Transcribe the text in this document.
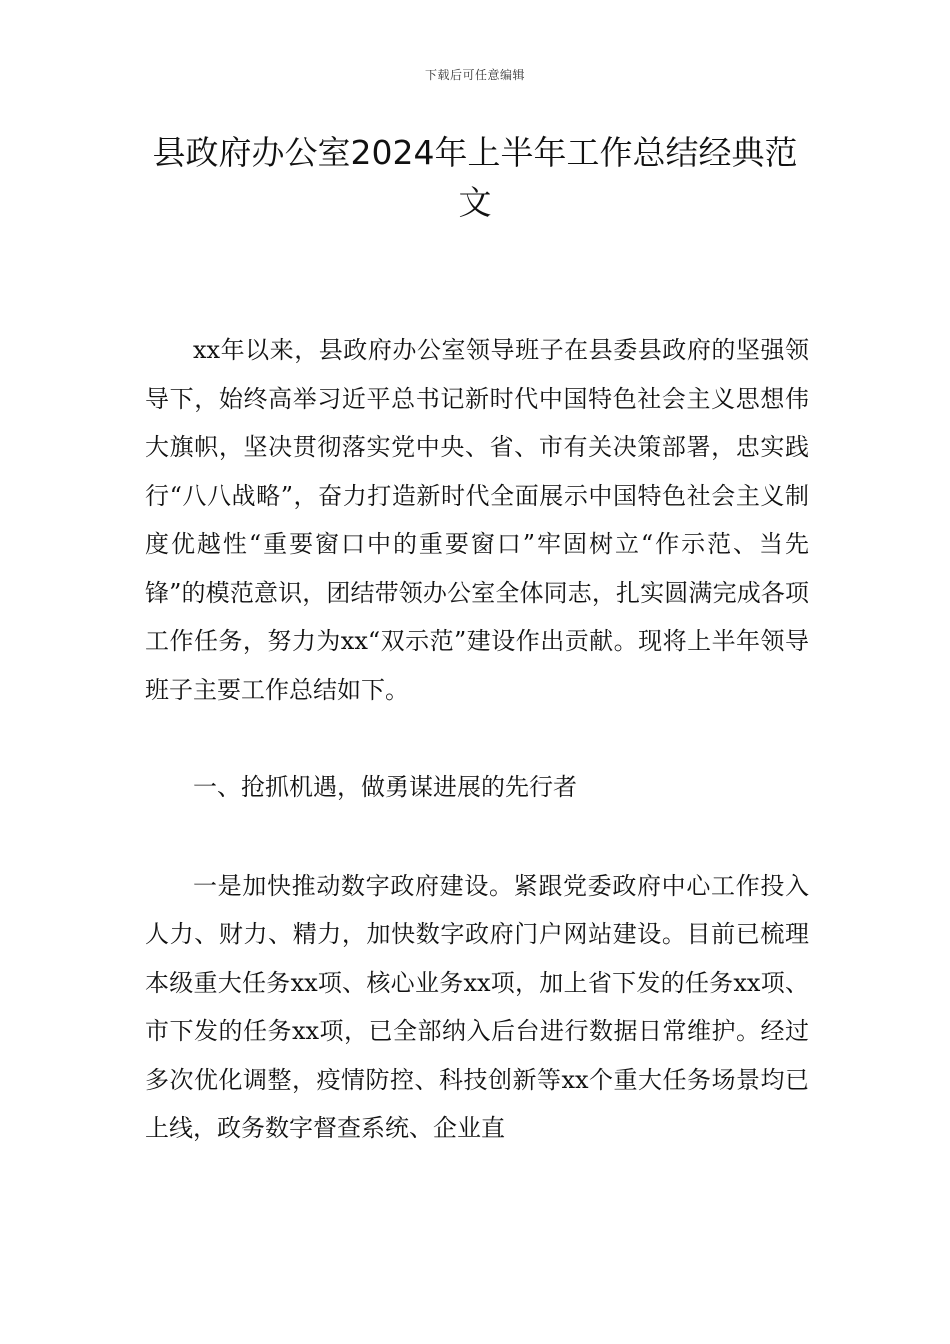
下载后可任意编辑
县政府办公室2024年上半年工作总结经典范文

xx年以来，县政府办公室领导班子在县委县政府的坚强领导下，始终高举习近平总书记新时代中国特色社会主义思想伟大旗帜，坚决贯彻落实党中央、省、市有关决策部署，忠实践行“八八战略”，奋力打造新时代全面展示中国特色社会主义制度优越性“重要窗口中的重要窗口”牢固树立“作示范、当先锋”的模范意识，团结带领办公室全体同志，扎实圆满完成各项工作任务，努力为xx“双示范”建设作出贡献。现将上半年领导班子主要工作总结如下。

一、抢抓机遇，做勇谋进展的先行者

一是加快推动数字政府建设。紧跟党委政府中心工作投入人力、财力、精力，加快数字政府门户网站建设。目前已梳理本级重大任务xx项、核心业务xx项，加上省下发的任务xx项、市下发的任务xx项，已全部纳入后台进行数据日常维护。经过多次优化调整，疫情防控、科技创新等xx个重大任务场景均已上线，政务数字督查系统、企业直
